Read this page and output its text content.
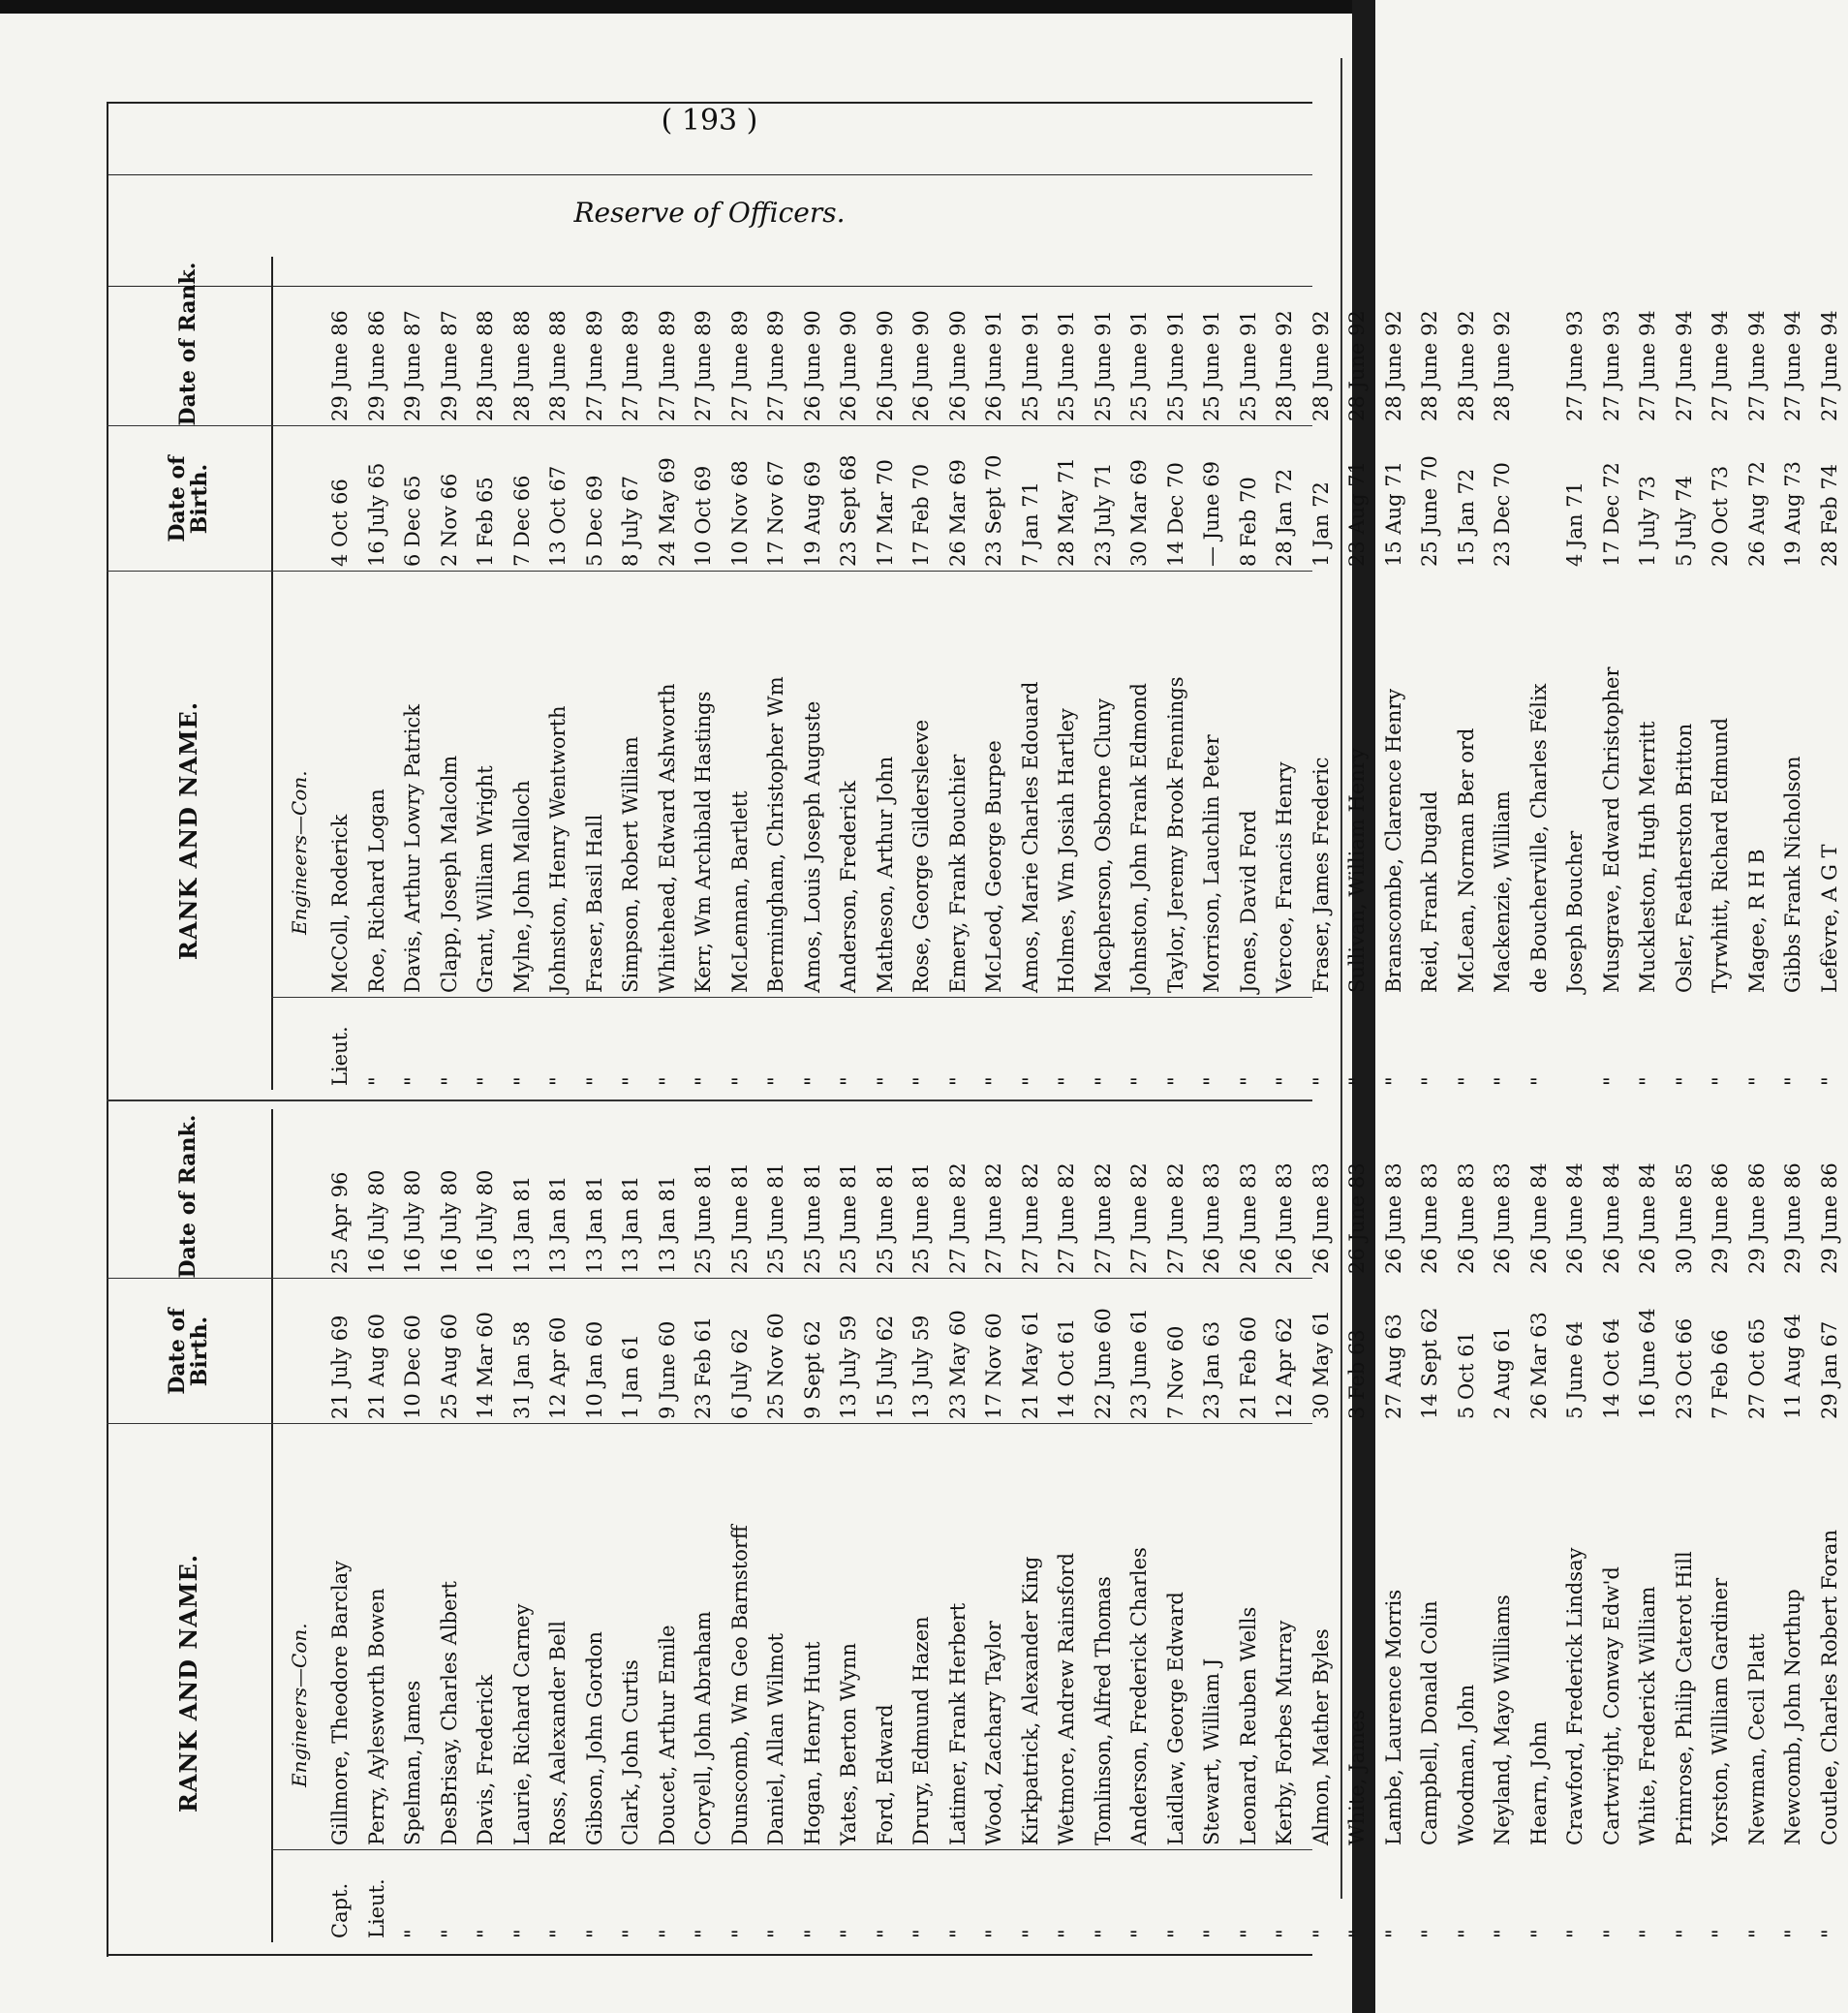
( 193 )
Reserve of Officers.
RANK AND NAME.
Date of Birth.
Date of Rank.
Engineers—Con.
Capt.
Gillmore, Theodore Barclay
21 July 69
25 Apr 96
Lieut.
Perry, Aylesworth Bowen
21 Aug 60
16 July 80
"
Spelman, James
10 Dec 60
16 July 80
"
DesBrisay, Charles Albert
25 Aug 60
16 July 80
"
Davis, Frederick
14 Mar 60
16 July 80
"
Laurie, Richard Carney
31 Jan 58
13 Jan 81
"
Ross, Aalexander Bell
12 Apr 60
13 Jan 81
"
Gibson, John Gordon
10 Jan 60
13 Jan 81
"
Clark, John Curtis
1 Jan 61
13 Jan 81
"
Doucet, Arthur Emile
9 June 60
13 Jan 81
"
Coryell, John Abraham
23 Feb 61
25 June 81
"
Dunscomb, Wm Geo Barnstorff
6 July 62
25 June 81
"
Daniel, Allan Wilmot
25 Nov 60
25 June 81
"
Hogan, Henry Hunt
9 Sept 62
25 June 81
"
Yates, Berton Wynn
13 July 59
25 June 81
"
Ford, Edward
15 July 62
25 June 81
"
Drury, Edmund Hazen
13 July 59
25 June 81
"
Latimer, Frank Herbert
23 May 60
27 June 82
"
Wood, Zachary Taylor
17 Nov 60
27 June 82
"
Kirkpatrick, Alexander King
21 May 61
27 June 82
"
Wetmore, Andrew Rainsford
14 Oct 61
27 June 82
"
Tomlinson, Alfred Thomas
22 June 60
27 June 82
"
Anderson, Frederick Charles
23 June 61
27 June 82
"
Laidlaw, George Edward
7 Nov 60
27 June 82
"
Stewart, William J
23 Jan 63
26 June 83
"
Leonard, Reuben Wells
21 Feb 60
26 June 83
"
Kerby, Forbes Murray
12 Apr 62
26 June 83
"
Almon, Mather Byles
30 May 61
26 June 83
"
White, James
3 Feb 63
26 June 83
"
Lambe, Laurence Morris
27 Aug 63
26 June 83
"
Campbell, Donald Colin
14 Sept 62
26 June 83
"
Woodman, John
5 Oct 61
26 June 83
"
Neyland, Mayo Williams
2 Aug 61
26 June 83
"
Hearn, John
26 Mar 63
26 June 84
"
Crawford, Frederick Lindsay
5 June 64
26 June 84
"
Cartwright, Conway Edw'd
14 Oct 64
26 June 84
"
White, Frederick William
16 June 64
26 June 84
"
Primrose, Philip Caterot Hill
23 Oct 66
30 June 85
"
Yorston, William Gardiner
7 Feb 66
29 June 86
"
Newman, Cecil Platt
27 Oct 65
29 June 86
"
Newcomb, John Northup
11 Aug 64
29 June 86
"
Coutlee, Charles Robert Foran
29 Jan 67
29 June 86
RANK AND NAME.
Date of Birth.
Date of Rank.
Engineers—Con.
Lieut.
McColl, Roderick
4 Oct 66
29 June 86
"
Roe, Richard Logan
16 July 65
29 June 86
"
Davis, Arthur Lowry Patrick
6 Dec 65
29 June 87
"
Clapp, Joseph Malcolm
2 Nov 66
29 June 87
"
Grant, William Wright
1 Feb 65
28 June 88
"
Mylne, John Malloch
7 Dec 66
28 June 88
"
Johnston, Henry Wentworth
13 Oct 67
28 June 88
"
Fraser, Basil Hall
5 Dec 69
27 June 89
"
Simpson, Robert William
8 July 67
27 June 89
"
Whitehead, Edward Ashworth
24 May 69
27 June 89
"
Kerr, Wm Archibald Hastings
10 Oct 69
27 June 89
"
McLennan, Bartlett
10 Nov 68
27 June 89
"
Bermingham, Christopher Wm
17 Nov 67
27 June 89
"
Amos, Louis Joseph Auguste
19 Aug 69
26 June 90
"
Anderson, Frederick
23 Sept 68
26 June 90
"
Matheson, Arthur John
17 Mar 70
26 June 90
"
Rose, George Gildersleeve
17 Feb 70
26 June 90
"
Emery, Frank Bouchier
26 Mar 69
26 June 90
"
McLeod, George Burpee
23 Sept 70
26 June 91
"
Amos, Marie Charles Edouard
7 Jan 71
25 June 91
"
Holmes, Wm Josiah Hartley
28 May 71
25 June 91
"
Macpherson, Osborne Cluny
23 July 71
25 June 91
"
Johnston, John Frank Edmond
30 Mar 69
25 June 91
"
Taylor, Jeremy Brook Fennings
14 Dec 70
25 June 91
"
Morrison, Lauchlin Peter
— June 69
25 June 91
"
Jones, David Ford
8 Feb 70
25 June 91
"
Vercoe, Francis Henry
28 Jan 72
28 June 92
"
Fraser, James Frederic
1 Jan 72
28 June 92
"
Sullivan, William Henry
23 Aug 71
28 June 92
"
Branscombe, Clarence Henry
15 Aug 71
28 June 92
"
Reid, Frank Dugald
25 June 70
28 June 92
"
McLean, Norman Ber ord
15 Jan 72
28 June 92
"
Mackenzie, William
23 Dec 70
28 June 92
"
de Boucherville, Charles Félix Joseph Boucher
4 Jan 71
27 June 93
"
Musgrave, Edward Christopher
17 Dec 72
27 June 93
"
Muckleston, Hugh Merritt
1 July 73
27 June 94
"
Osler, Featherston Britton
5 July 74
27 June 94
"
Tyrwhitt, Richard Edmund
20 Oct 73
27 June 94
"
Magee, R H B
26 Aug 72
27 June 94
"
Gibbs Frank Nicholson
19 Aug 73
27 June 94
"
Lefèvre, A G T
28 Feb 74
27 June 94
